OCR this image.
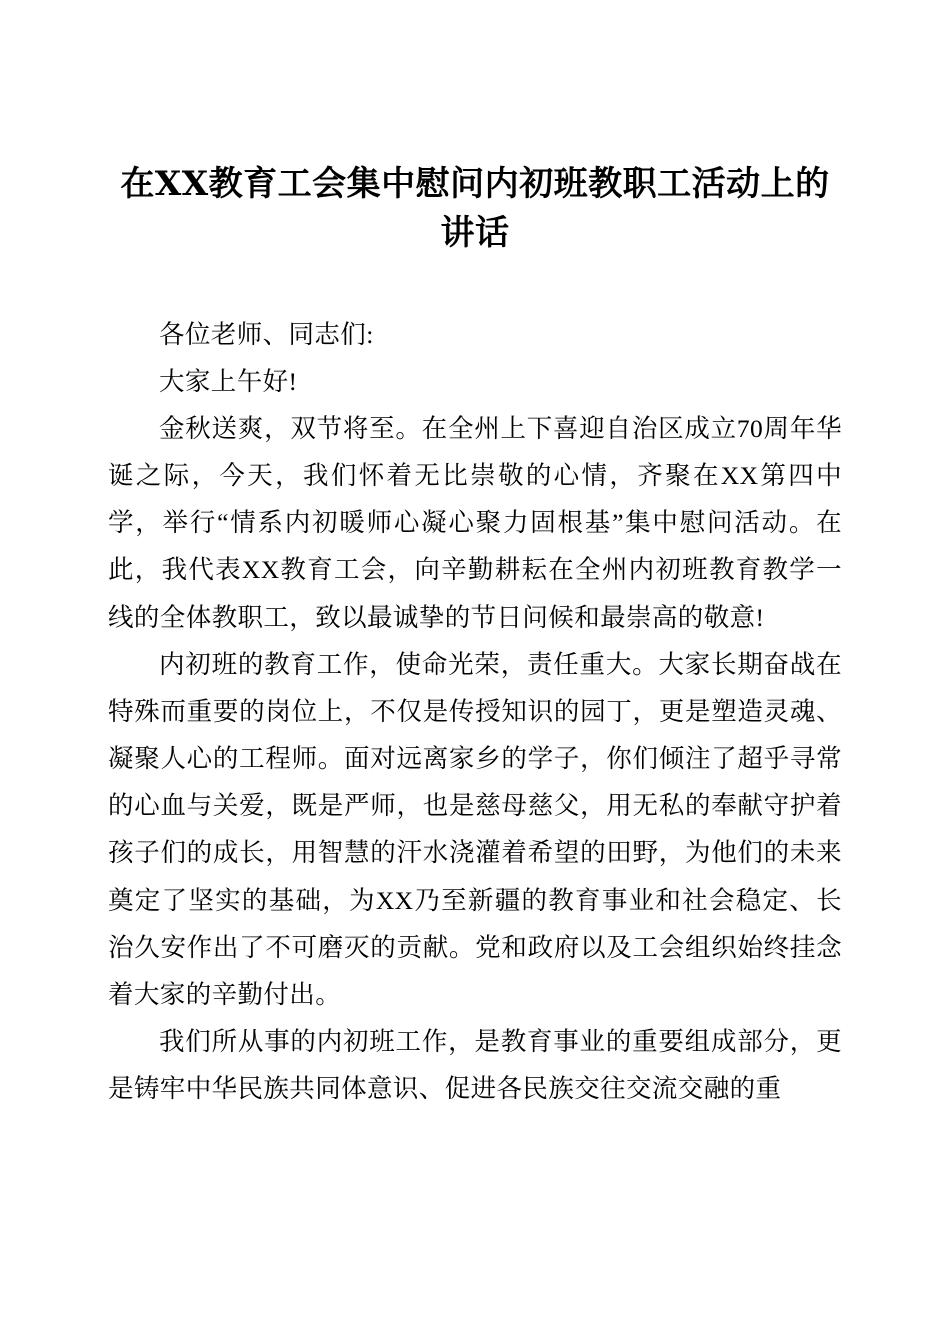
在XX教育工会集中慰问内初班教职工活动上的讲话

各位老师、同志们:

大家上午好!

金秋送爽，双节将至。在全州上下喜迎自治区成立70周年华诞之际，今天，我们怀着无比崇敬的心情，齐聚在XX第四中学，举行“情系内初暖师心凝心聚力固根基”集中慰问活动。在此，我代表XX教育工会，向辛勤耕耘在全州内初班教育教学一线的全体教职工，致以最诚挚的节日问候和最崇高的敬意!

内初班的教育工作，使命光荣，责任重大。大家长期奋战在特殊而重要的岗位上，不仅是传授知识的园丁，更是塑造灵魂、凝聚人心的工程师。面对远离家乡的学子，你们倾注了超乎寻常的心血与关爱，既是严师，也是慈母慈父，用无私的奉献守护着孩子们的成长，用智慧的汗水浇灌着希望的田野，为他们的未来奠定了坚实的基础，为XX乃至新疆的教育事业和社会稳定、长治久安作出了不可磨灭的贡献。党和政府以及工会组织始终挂念着大家的辛勤付出。

我们所从事的内初班工作，是教育事业的重要组成部分，更是铸牢中华民族共同体意识、促进各民族交往交流交融的重
